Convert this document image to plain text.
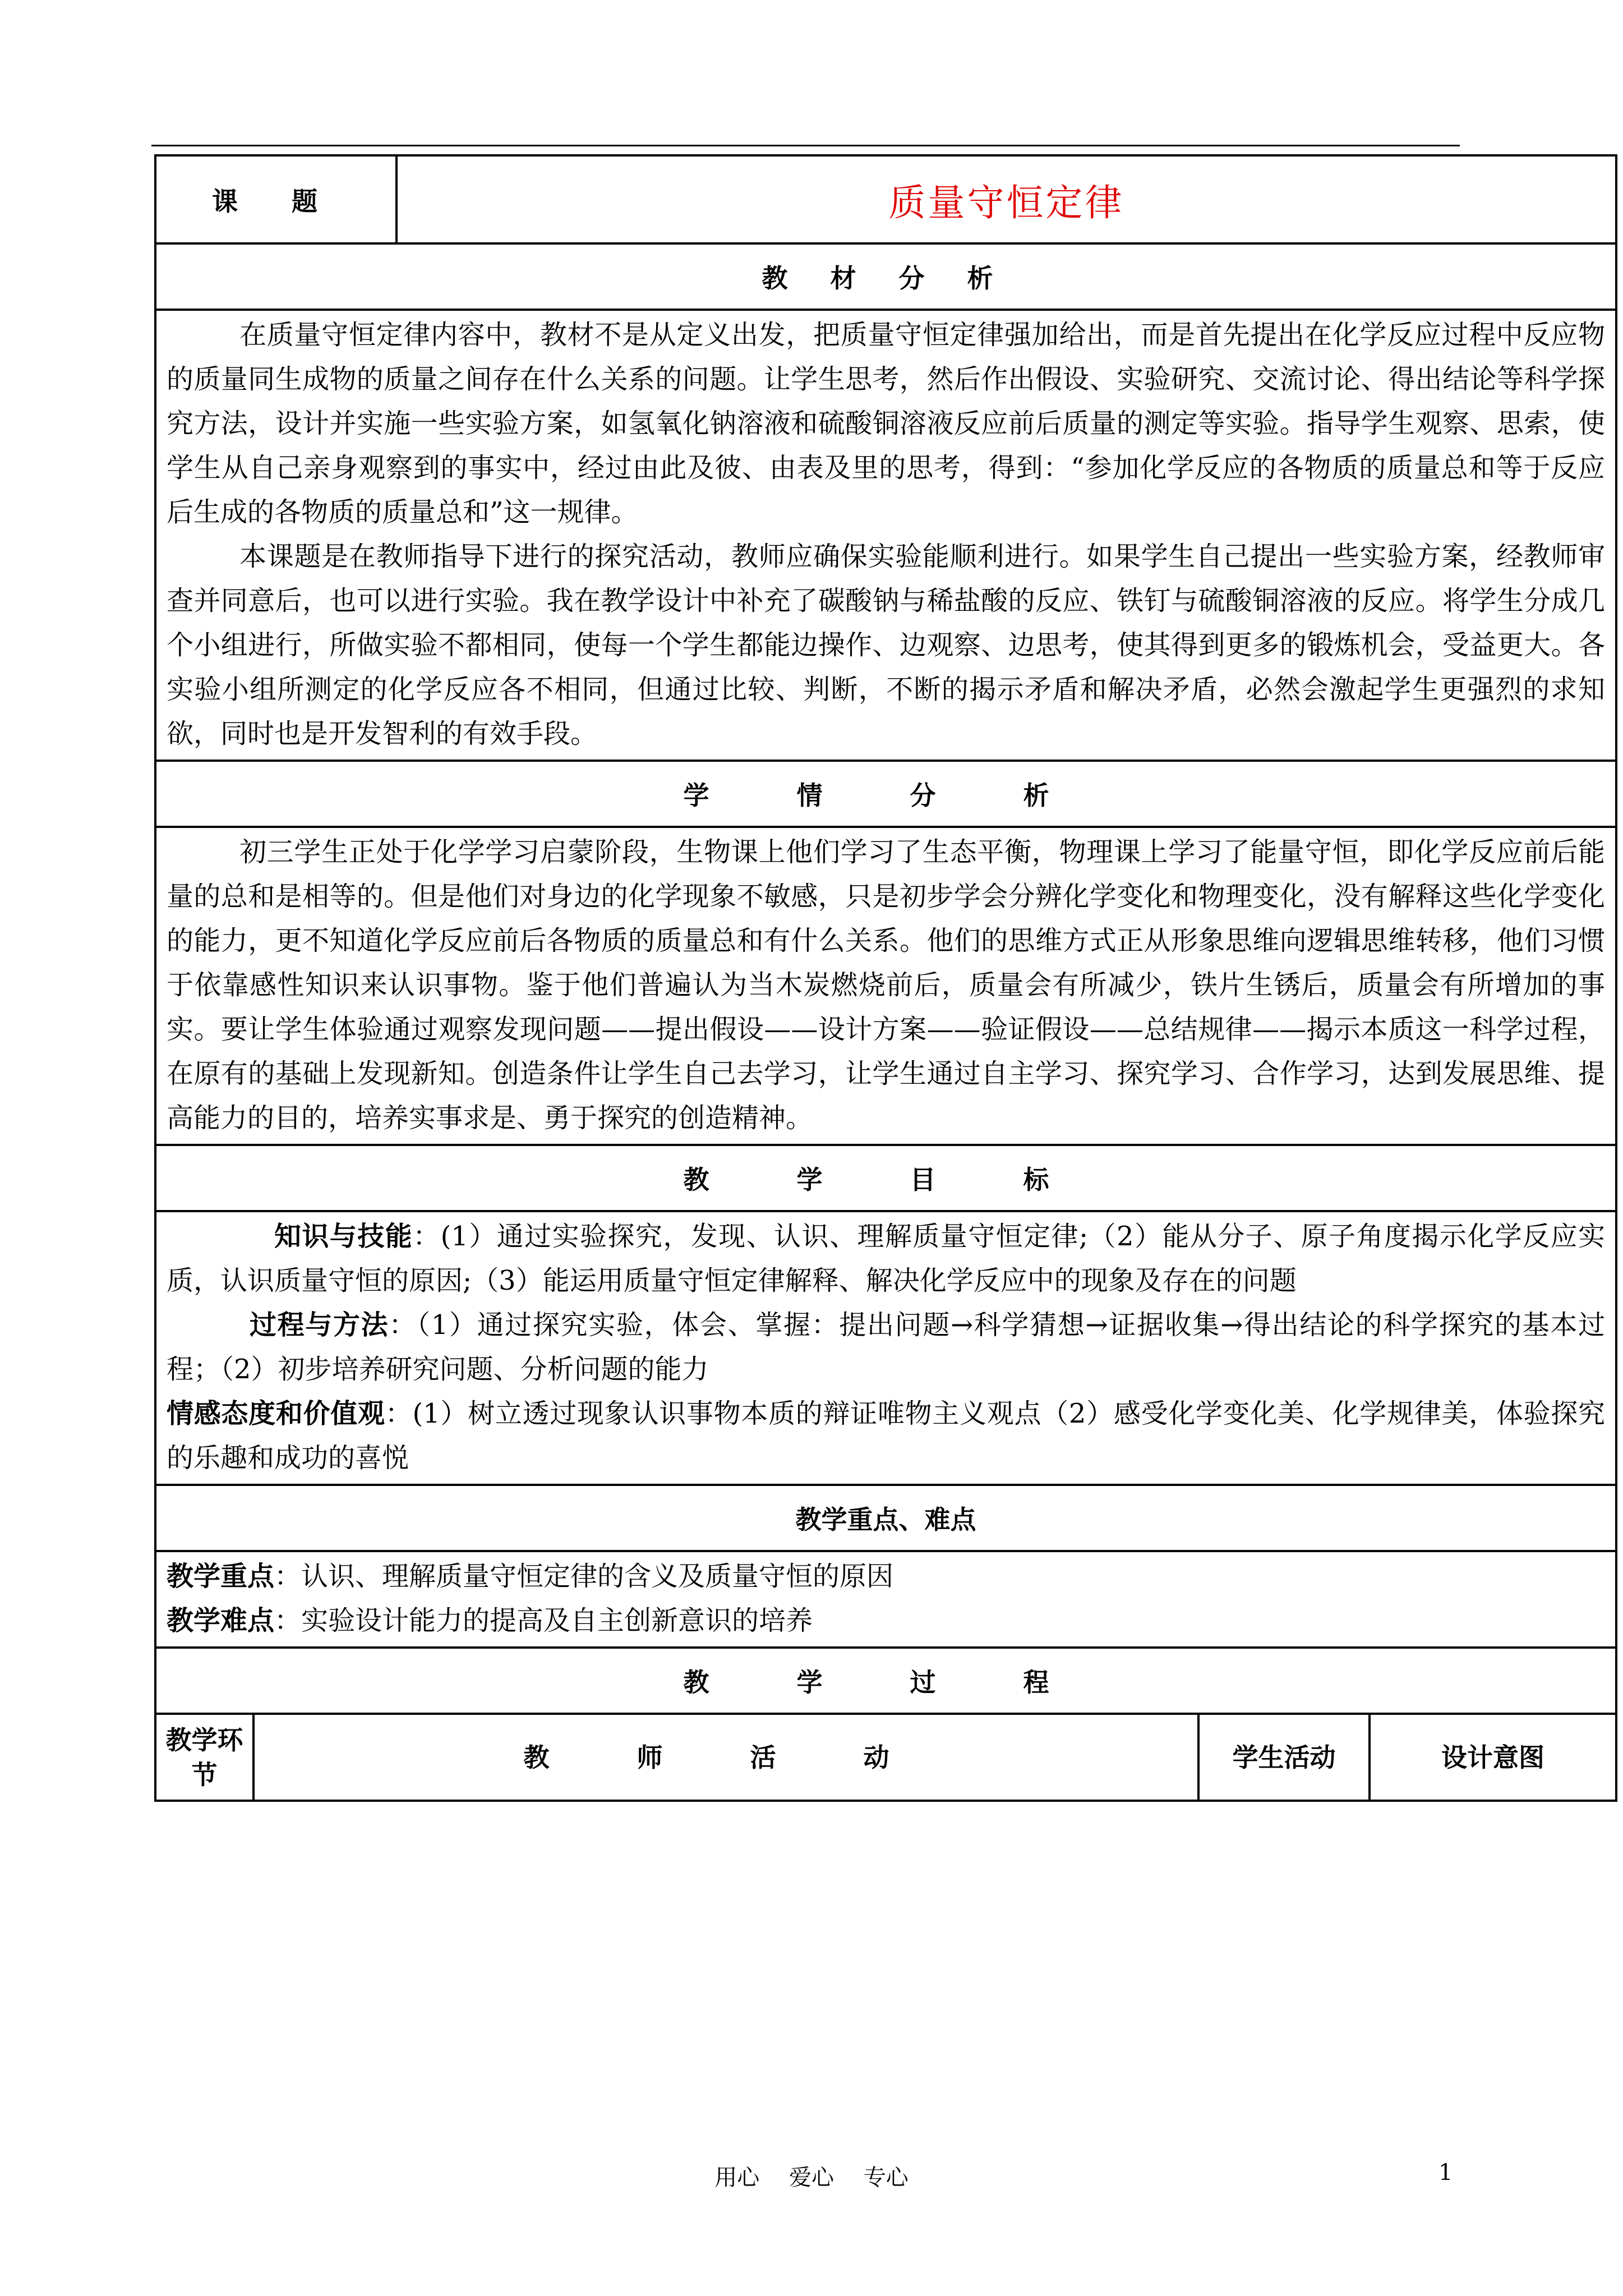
课 题		质量守恒定律		
教 材 分 析				

在质量守恒定律内容中，教材不是从定义出发，把质量守恒定律强加给出，而是首先提出在化学反应过程中反应物的质量同生成物的质量之间存在什么关系的问题。让学生思考，然后作出假设、实验研究、交流讨论、得出结论等科学探究方法，设计并实施一些实验方案，如氢氧化钠溶液和硫酸铜溶液反应前后质量的测定等实验。指导学生观察、思索，使学生从自己亲身观察到的事实中，经过由此及彼、由表及里的思考，得到：“参加化学反应的各物质的质量总和等于反应后生成的各物质的质量总和”这一规律。

本课题是在教师指导下进行的探究活动，教师应确保实验能顺利进行。如果学生自己提出一些实验方案，经教师审查并同意后，也可以进行实验。我在教学设计中补充了碳酸钠与稀盐酸的反应、铁钉与硫酸铜溶液的反应。将学生分成几个小组进行，所做实验不都相同，使每一个学生都能边操作、边观察、边思考，使其得到更多的锻炼机会，受益更大。各实验小组所测定的化学反应各不相同，但通过比较、判断，不断的揭示矛盾和解决矛盾，必然会激起学生更强烈的求知欲，同时也是开发智利的有效手段。				

学 情 分 析				

初三学生正处于化学学习启蒙阶段，生物课上他们学习了生态平衡，物理课上学习了能量守恒，即化学反应前后能量的总和是相等的。但是他们对身边的化学现象不敏感，只是初步学会分辨化学变化和物理变化，没有解释这些化学变化的能力，更不知道化学反应前后各物质的质量总和有什么关系。他们的思维方式正从形象思维向逻辑思维转移，他们习惯于依靠感性知识来认识事物。鉴于他们普遍认为当木炭燃烧前后，质量会有所减少，铁片生锈后，质量会有所增加的事实。要让学生体验通过观察发现问题——提出假设——设计方案——验证假设——总结规律——揭示本质这一科学过程，在原有的基础上发现新知。创造条件让学生自己去学习，让学生通过自主学习、探究学习、合作学习，达到发展思维、提高能力的目的，培养实事求是、勇于探究的创造精神。				

教 学 目 标				

知识与技能：(1）通过实验探究，发现、认识、理解质量守恒定律;（2）能从分子、原子角度揭示化学反应实质，认识质量守恒的原因;（3）能运用质量守恒定律解释、解决化学反应中的现象及存在的问题

过程与方法：（1）通过探究实验，体会、掌握：提出问题→科学猜想→证据收集→得出结论的科学探究的基本过程；（2）初步培养研究问题、分析问题的能力

情感态度和价值观：(1）树立透过现象认识事物本质的辩证唯物主义观点（2）感受化学变化美、化学规律美，体验探究的乐趣和成功的喜悦				

教学重点、难点				

教学重点：认识、理解质量守恒定律的含义及质量守恒的原因

教学难点：实验设计能力的提高及自主创新意识的培养				

教 学 过 程				
教学环节	教 师 活 动		学生活动	设计意图
用心 爱心 专心	1
